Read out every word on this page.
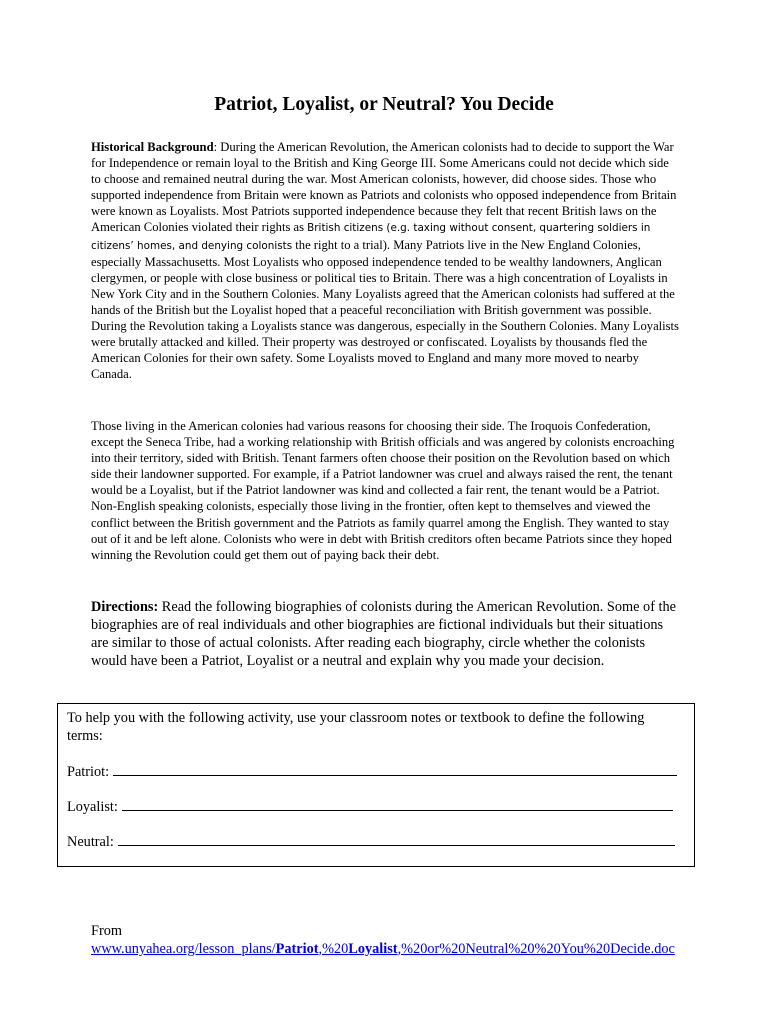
Patriot, Loyalist, or Neutral? You Decide

Historical Background: During the American Revolution, the American colonists had to decide to support the War for Independence or remain loyal to the British and King George III. Some Americans could not decide which side to choose and remained neutral during the war. Most American colonists, however, did choose sides. Those who supported independence from Britain were known as Patriots and colonists who opposed independence from Britain were known as Loyalists. Most Patriots supported independence because they felt that recent British laws on the American Colonies violated their rights as British citizens (e.g. taxing without consent, quartering soldiers in citizens’ homes, and denying colonists the right to a trial). Many Patriots live in the New England Colonies, especially Massachusetts. Most Loyalists who opposed independence tended to be wealthy landowners, Anglican clergymen, or people with close business or political ties to Britain. There was a high concentration of Loyalists in New York City and in the Southern Colonies. Many Loyalists agreed that the American colonists had suffered at the hands of the British but the Loyalist hoped that a peaceful reconciliation with British government was possible. During the Revolution taking a Loyalists stance was dangerous, especially in the Southern Colonies. Many Loyalists were brutally attacked and killed. Their property was destroyed or confiscated. Loyalists by thousands fled the American Colonies for their own safety. Some Loyalists moved to England and many more moved to nearby Canada.

Those living in the American colonies had various reasons for choosing their side. The Iroquois Confederation, except the Seneca Tribe, had a working relationship with British officials and was angered by colonists encroaching into their territory, sided with British. Tenant farmers often choose their position on the Revolution based on which side their landowner supported. For example, if a Patriot landowner was cruel and always raised the rent, the tenant would be a Loyalist, but if the Patriot landowner was kind and collected a fair rent, the tenant would be a Patriot. Non-English speaking colonists, especially those living in the frontier, often kept to themselves and viewed the conflict between the British government and the Patriots as family quarrel among the English. They wanted to stay out of it and be left alone. Colonists who were in debt with British creditors often became Patriots since they hoped winning the Revolution could get them out of paying back their debt.

Directions: Read the following biographies of colonists during the American Revolution. Some of the biographies are of real individuals and other biographies are fictional individuals but their situations are similar to those of actual colonists. After reading each biography, circle whether the colonists would have been a Patriot, Loyalist or a neutral and explain why you made your decision.

To help you with the following activity, use your classroom notes or textbook to define the following terms:

Patriot:
Loyalist:
Neutral:
From
www.unyahea.org/lesson_plans/Patriot,%20Loyalist,%20or%20Neutral%20%20You%20Decide.doc
